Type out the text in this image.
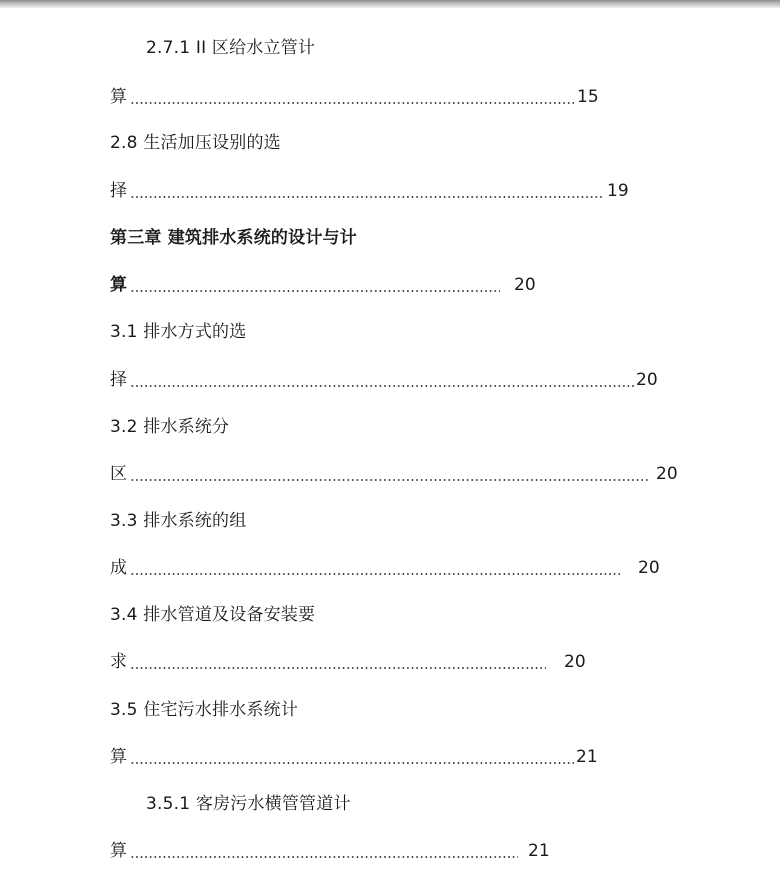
2.7.1 II 区给水立管计
算	15
2.8 生活加压设别的选
择	19
第三章 建筑排水系统的设计与计
算	20
3.1 排水方式的选
择	20
3.2 排水系统分
区	20
3.3 排水系统的组
成	20
3.4 排水管道及设备安装要
求	20
3.5 住宅污水排水系统计
算	21
3.5.1 客房污水横管管道计
算	21
